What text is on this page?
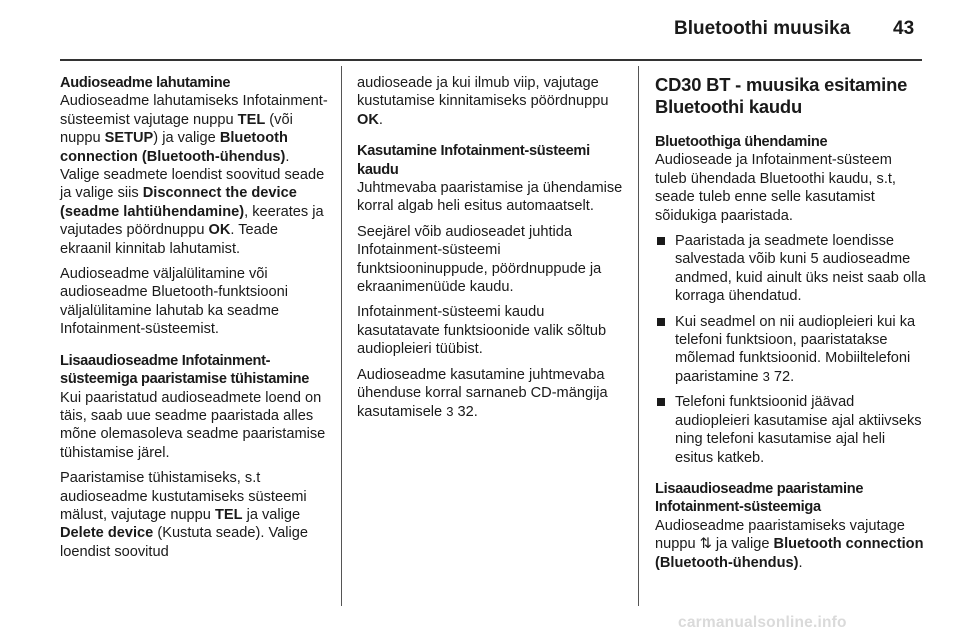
Bluetoothi muusika 43

Audioseadme lahutamine

Audioseadme lahutamiseks Infotainment-süsteemist vajutage nuppu TEL (või nuppu SETUP) ja valige Bluetooth connection (Bluetooth-ühendus). Valige seadmete loendist soovitud seade ja valige siis Disconnect the device (seadme lahtiühendamine), keerates ja vajutades pöördnuppu OK. Teade ekraanil kinnitab lahutamist.

Audioseadme väljalülitamine või audioseadme Bluetooth-funktsiooni väljalülitamine lahutab ka seadme Infotainment-süsteemist.

Lisaaudioseadme Infotainment-süsteemiga paaristamise tühistamine

Kui paaristatud audioseadmete loend on täis, saab uue seadme paaristada alles mõne olemasoleva seadme paaristamise tühistamise järel.

Paaristamise tühistamiseks, s.t audioseadme kustutamiseks süsteemi mälust, vajutage nuppu TEL ja valige Delete device (Kustuta seade). Valige loendist soovitud

audioseade ja kui ilmub viip, vajutage kustutamise kinnitamiseks pöördnuppu OK.

Kasutamine Infotainment-süsteemi kaudu

Juhtmevaba paaristamise ja ühendamise korral algab heli esitus automaatselt.

Seejärel võib audioseadet juhtida Infotainment-süsteemi funktsiooninuppude, pöördnuppude ja ekraanimenüüde kaudu.

Infotainment-süsteemi kaudu kasutatavate funktsioonide valik sõltub audiopleieri tüübist.

Audioseadme kasutamine juhtmevaba ühenduse korral sarnaneb CD-mängija kasutamisele 3 32.

CD30 BT - muusika esitamine Bluetoothi kaudu

Bluetoothiga ühendamine

Audioseade ja Infotainment-süsteem tuleb ühendada Bluetoothi kaudu, s.t, seade tuleb enne selle kasutamist sõidukiga paaristada.

Paaristada ja seadmete loendisse salvestada võib kuni 5 audioseadme andmed, kuid ainult üks neist saab olla korraga ühendatud.
Kui seadmel on nii audiopleieri kui ka telefoni funktsioon, paaristatakse mõlemad funktsioonid. Mobiiltelefoni paaristamine 3 72.
Telefoni funktsioonid jäävad audiopleieri kasutamise ajal aktiivseks ning telefoni kasutamise ajal heli esitus katkeb.

Lisaaudioseadme paaristamine Infotainment-süsteemiga

Audioseadme paaristamiseks vajutage nuppu ⇅ ja valige Bluetooth connection (Bluetooth-ühendus).

carmanualsonline.info
